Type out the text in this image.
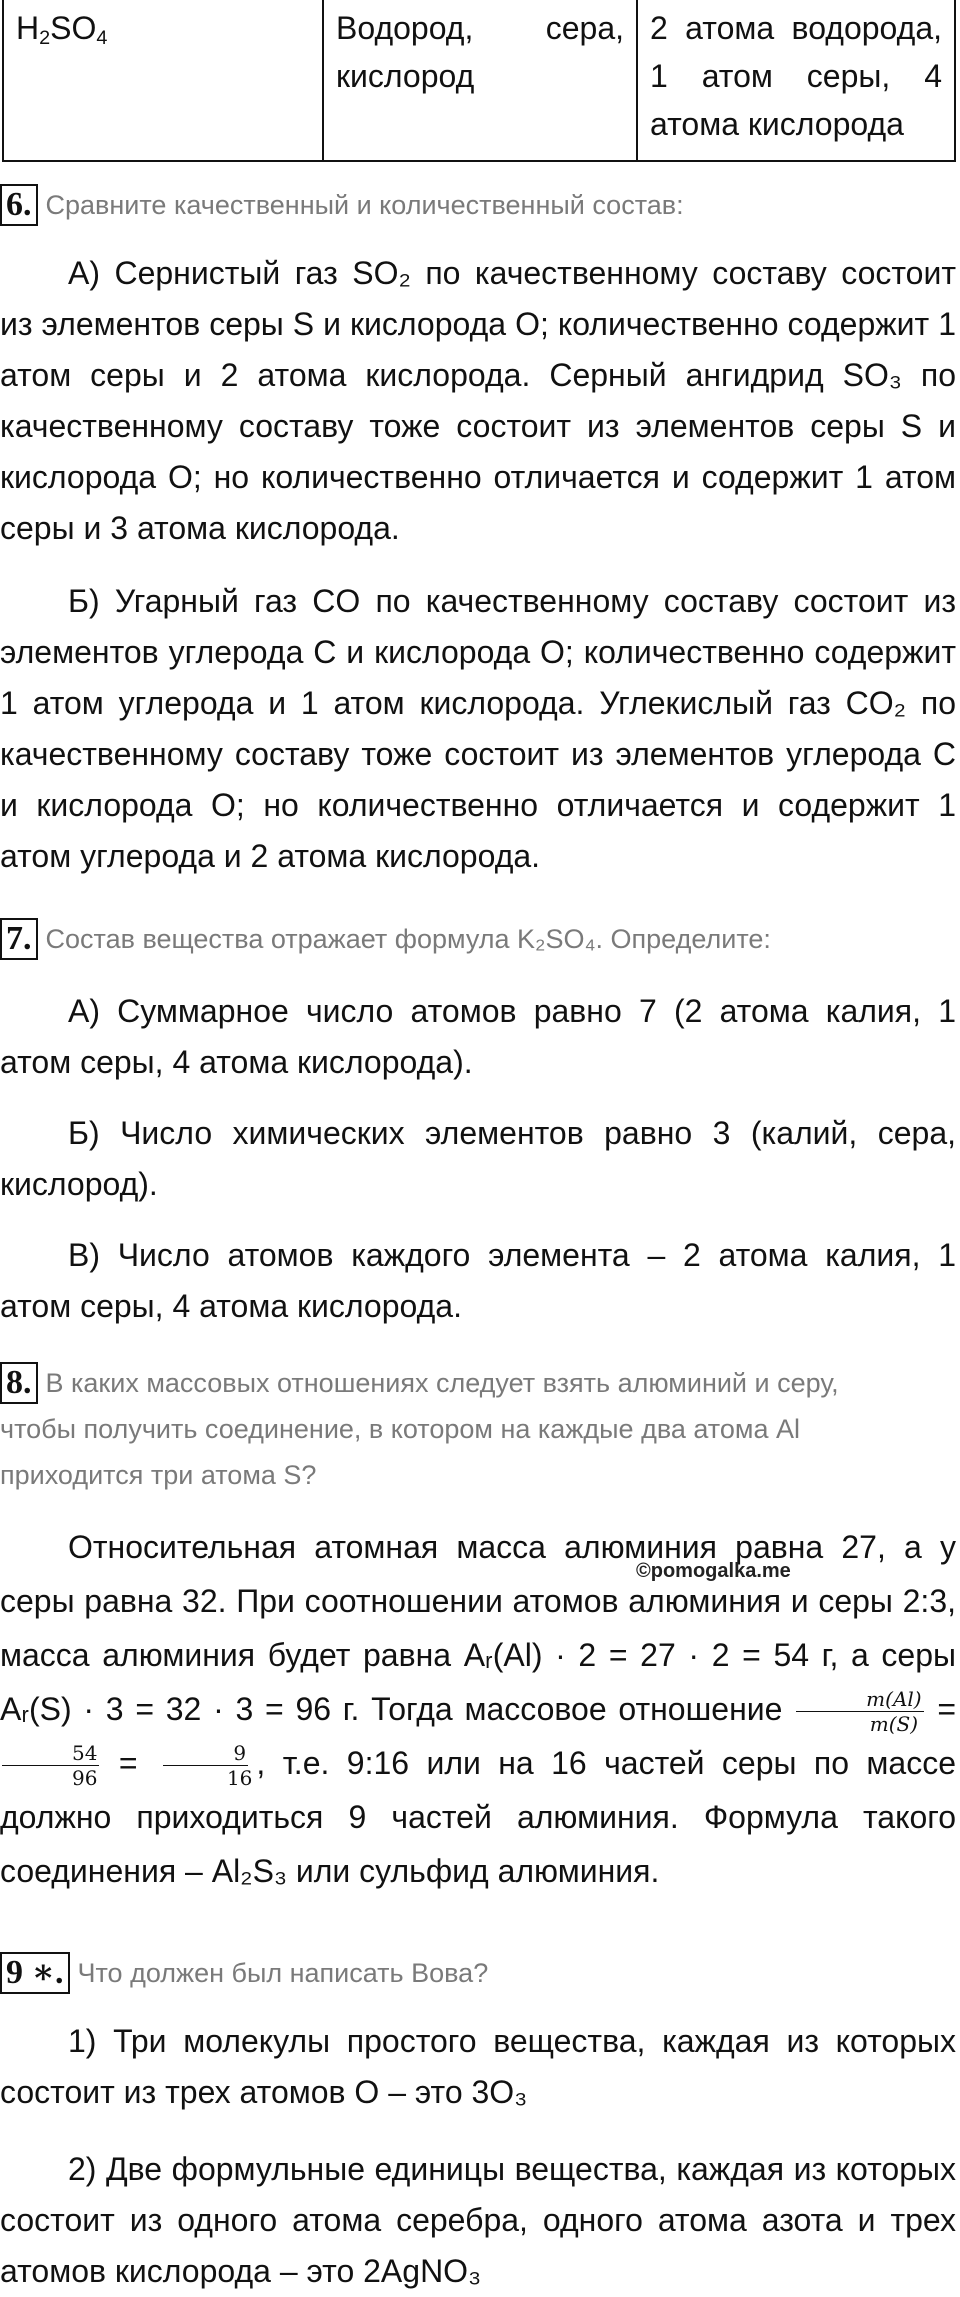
$H_2SO_4$	Водород, сера, кислород	2 атома водорода, 1 атом серы, 4 атома кислорода
6. Сравните качественный и количественный состав:
А) Сернистый газ SO₂ по качественному составу состоит из элементов серы S и кислорода O; количественно содержит 1 атом серы и 2 атома кислорода. Серный ангидрид SO₃ по качественному составу тоже состоит из элементов серы S и кислорода O; но количественно отличается и содержит 1 атом серы и 3 атома кислорода.
Б) Угарный газ CO по качественному составу состоит из элементов углерода C и кислорода O; количественно содержит 1 атом углерода и 1 атом кислорода. Углекислый газ CO₂ по качественному составу тоже состоит из элементов углерода C и кислорода O; но количественно отличается и содержит 1 атом углерода и 2 атома кислорода.
7. Состав вещества отражает формула K₂SO₄. Определите:
А) Суммарное число атомов равно 7 (2 атома калия, 1 атом серы, 4 атома кислорода).
Б) Число химических элементов равно 3 (калий, сера, кислород).
В) Число атомов каждого элемента – 2 атома калия, 1 атом серы, 4 атома кислорода.
8. В каких массовых отношениях следует взять алюминий и серу,
чтобы получить соединение, в котором на каждые два атома Al
приходится три атома S?
Относительная атомная масса алюминия равна 27, а у серы равна 32. При соотношении атомов алюминия и серы 2:3, масса алюминия будет равна Aᵣ(Al) · 2 = 27 · 2 = 54 г, а серы Aᵣ(S) · 3 = 32 · 3 = 96 г. Тогда массовое отношение $\frac{m(Al)}{m(S)}$ =
$\frac{54}{96} = \frac{9}{16}$ , т.е. 9:16 или на 16 частей серы по массе должно приходиться 9 частей алюминия. Формула такого соединения – Al₂S₃ или сульфид алюминия.
©pomogalka.me
9 ∗. Что должен был написать Вова?
1) Три молекулы простого вещества, каждая из которых состоит из трех атомов O – это 3O₃
2) Две формульные единицы вещества, каждая из которых состоит из одного атома серебра, одного атома азота и трех атомов кислорода – это 2AgNO₃
